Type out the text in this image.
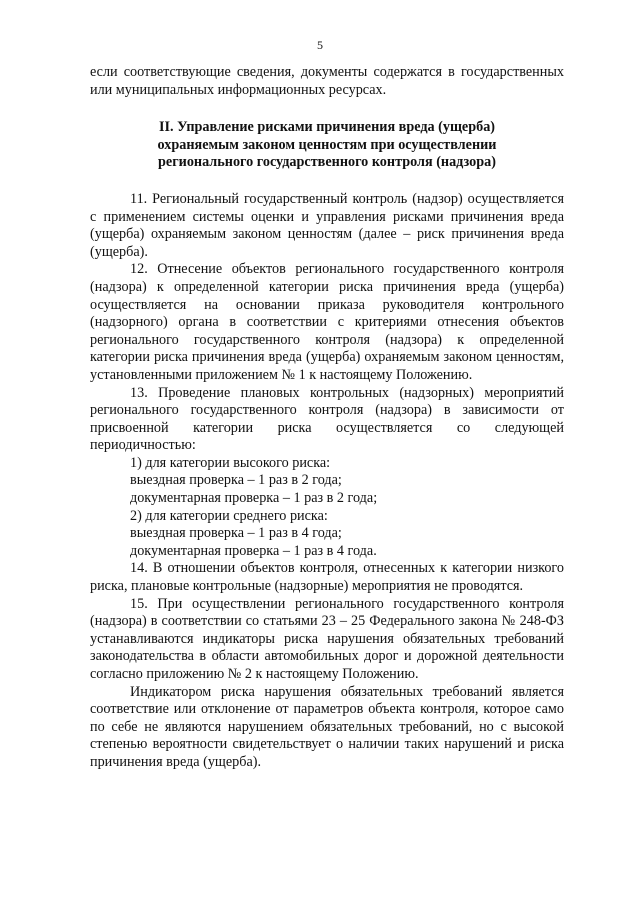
5

если соответствующие сведения, документы содержатся в государственных или муниципальных информационных ресурсах.

II. Управление рисками причинения вреда (ущерба)
охраняемым законом ценностям при осуществлении
регионального государственного контроля (надзора)

11. Региональный государственный контроль (надзор) осуществляется с применением системы оценки и управления рисками причинения вреда (ущерба) охраняемым законом ценностям (далее – риск причинения вреда (ущерба).

12. Отнесение объектов регионального государственного контроля (надзора) к определенной категории риска причинения вреда (ущерба) осуществляется на основании приказа руководителя контрольного (надзорного) органа в соответствии с критериями отнесения объектов регионального государственного контроля (надзора) к определенной категории риска причинения вреда (ущерба) охраняемым законом ценностям, установленными приложением № 1 к настоящему Положению.

13. Проведение плановых контрольных (надзорных) мероприятий регионального государственного контроля (надзора) в зависимости от присвоенной категории риска осуществляется со следующей периодичностью:

1) для категории высокого риска:

выездная проверка – 1 раз в 2 года;

документарная проверка – 1 раз в 2 года;

2) для категории среднего риска:

выездная проверка – 1 раз в 4 года;

документарная проверка – 1 раз в 4 года.

14. В отношении объектов контроля, отнесенных к категории низкого риска, плановые контрольные (надзорные) мероприятия не проводятся.

15. При осуществлении регионального государственного контроля (надзора) в соответствии со статьями 23 – 25 Федерального закона № 248-ФЗ устанавливаются индикаторы риска нарушения обязательных требований законодательства в области автомобильных дорог и дорожной деятельности согласно приложению № 2 к настоящему Положению.

Индикатором риска нарушения обязательных требований является соответствие или отклонение от параметров объекта контроля, которое само по себе не являются нарушением обязательных требований, но с высокой степенью вероятности свидетельствует о наличии таких нарушений и риска причинения вреда (ущерба).
